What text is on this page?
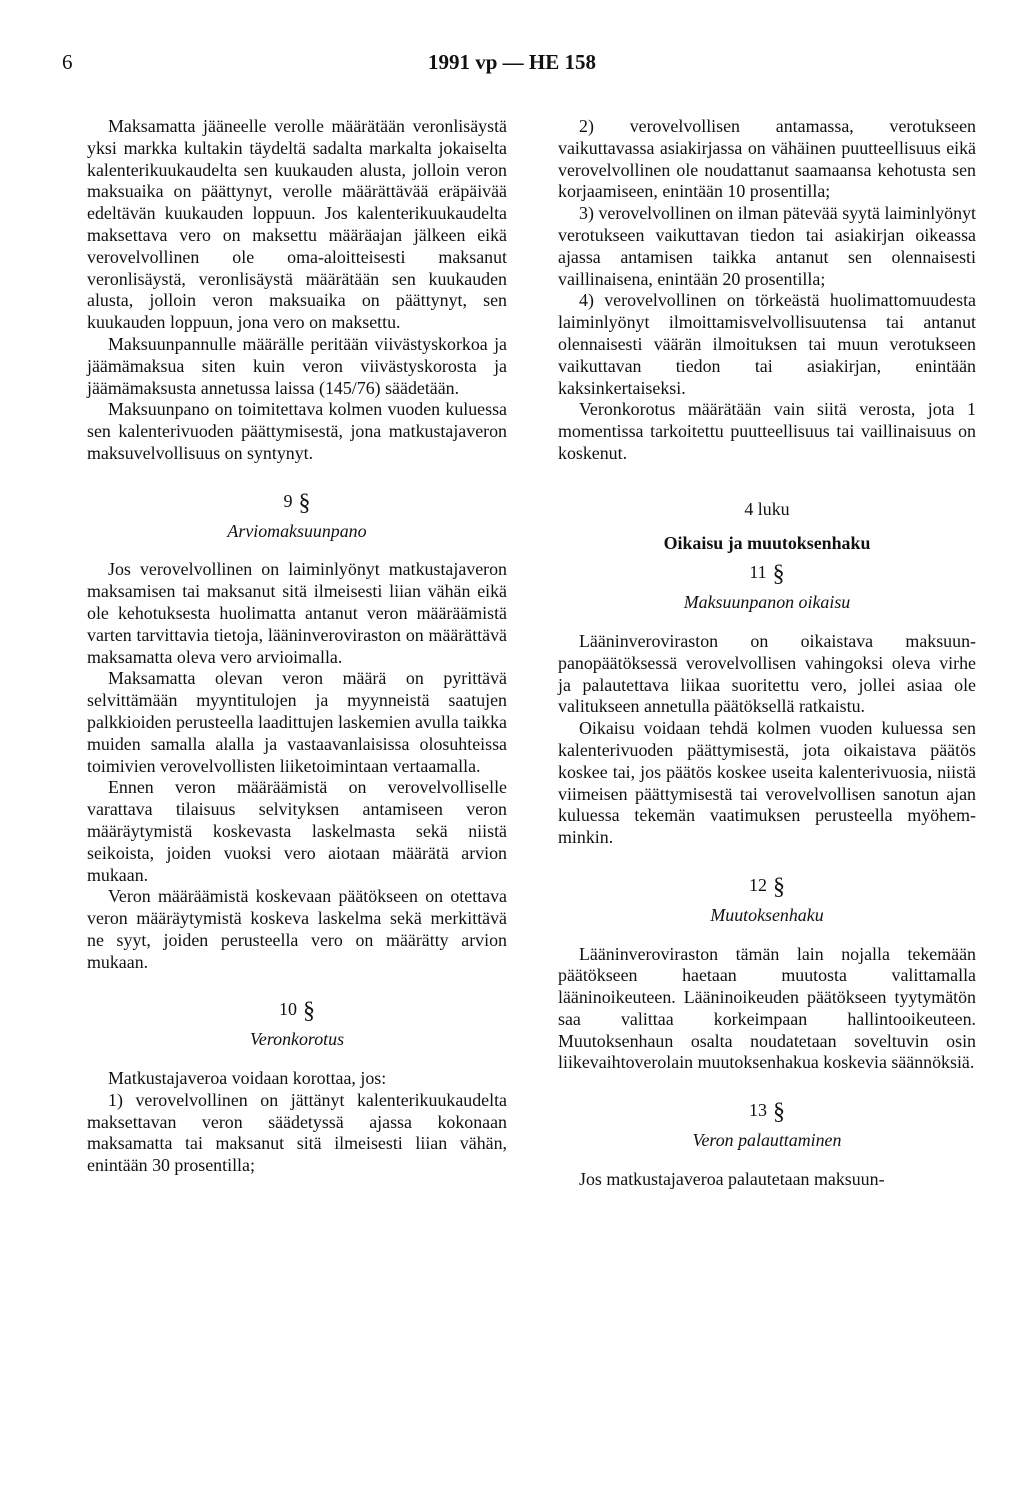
6	1991 vp — HE 158

Maksamatta jääneelle verolle määrätään veronlisäystä yksi markka kultakin täydeltä sadalta markalta jokaiselta kalenterikuukaudelta sen kuukauden alusta, jolloin veron maksuaika on päättynyt, verolle määrättävää eräpäivää edeltävän kuukauden loppuun. Jos kalenterikuukaudelta maksettava vero on maksettu määräajan jälkeen eikä verovelvollinen ole oma-aloitteisesti maksanut veronlisäystä, veronlisäystä määrätään sen kuukauden alusta, jolloin veron maksuaika on päättynyt, sen kuukauden loppuun, jona vero on maksettu.

Maksuunpannulle määrälle peritään viivästyskorkoa ja jäämämaksua siten kuin veron viivästyskorosta ja jäämämaksusta annetussa laissa (145/76) säädetään.

Maksuunpano on toimitettava kolmen vuoden kuluessa sen kalenterivuoden päättymisestä, jona matkustajaveron maksuvelvollisuus on syntynyt.

9 §
Arviomaksuunpano

Jos verovelvollinen on laiminlyönyt matkustajaveron maksamisen tai maksanut sitä ilmeisesti liian vähän eikä ole kehotuksesta huolimatta antanut veron määräämistä varten tarvittavia tietoja, lääninveroviraston on määrättävä maksamatta oleva vero arvioimalla.

Maksamatta olevan veron määrä on pyrittävä selvittämään myyntitulojen ja myynneistä saatujen palkkioiden perusteella laadittujen laskemien avulla taikka muiden samalla alalla ja vastaavanlaisissa olosuhteissa toimivien verovelvollisten liiketoimintaan vertaamalla.

Ennen veron määräämistä on verovelvolliselle varattava tilaisuus selvityksen antamiseen veron määräytymistä koskevasta laskelmasta sekä niistä seikoista, joiden vuoksi vero aiotaan määrätä arvion mukaan.

Veron määräämistä koskevaan päätökseen on otettava veron määräytymistä koskeva laskelma sekä merkittävä ne syyt, joiden perusteella vero on määrätty arvion mukaan.

10 §
Veronkorotus

Matkustajaveroa voidaan korottaa, jos:

1) verovelvollinen on jättänyt kalenterikuukaudelta maksettavan veron säädetyssä ajassa kokonaan maksamatta tai maksanut sitä ilmeisesti liian vähän, enintään 30 prosentilla;

2) verovelvollisen antamassa, verotukseen vaikuttavassa asiakirjassa on vähäinen puutteellisuus eikä verovelvollinen ole noudattanut saamaansa kehotusta sen korjaamiseen, enintään 10 prosentilla;

3) verovelvollinen on ilman pätevää syytä laiminlyönyt verotukseen vaikuttavan tiedon tai asiakirjan oikeassa ajassa antamisen taikka antanut sen olennaisesti vaillinaisena, enintään 20 prosentilla;

4) verovelvollinen on törkeästä huolimattomuudesta laiminlyönyt ilmoittamisvelvollisuutensa tai antanut olennaisesti väärän ilmoituksen tai muun verotukseen vaikuttavan tiedon tai asiakirjan, enintään kaksinkertaiseksi.

Veronkorotus määrätään vain siitä verosta, jota 1 momentissa tarkoitettu puutteellisuus tai vaillinaisuus on koskenut.

4 luku
Oikaisu ja muutoksenhaku
11 §
Maksuunpanon oikaisu

Lääninveroviraston on oikaistava maksuunpanopäätöksessä verovelvollisen vahingoksi oleva virhe ja palautettava liikaa suoritettu vero, jollei asiaa ole valitukseen annetulla päätöksellä ratkaistu.

Oikaisu voidaan tehdä kolmen vuoden kuluessa sen kalenterivuoden päättymisestä, jota oikaistava päätös koskee tai, jos päätös koskee useita kalenterivuosia, niistä viimeisen päättymisestä tai verovelvollisen sanotun ajan kuluessa tekemän vaatimuksen perusteella myöhemminkin.

12 §
Muutoksenhaku

Lääninveroviraston tämän lain nojalla tekemään päätökseen haetaan muutosta valittamalla lääninoikeuteen. Lääninoikeuden päätökseen tyytymätön saa valittaa korkeimpaan hallintooikeuteen. Muutoksenhaun osalta noudatetaan soveltuvin osin liikevaihtoverolain muutoksenhakua koskevia säännöksiä.

13 §
Veron palauttaminen

Jos matkustajaveroa palautetaan maksuun-
